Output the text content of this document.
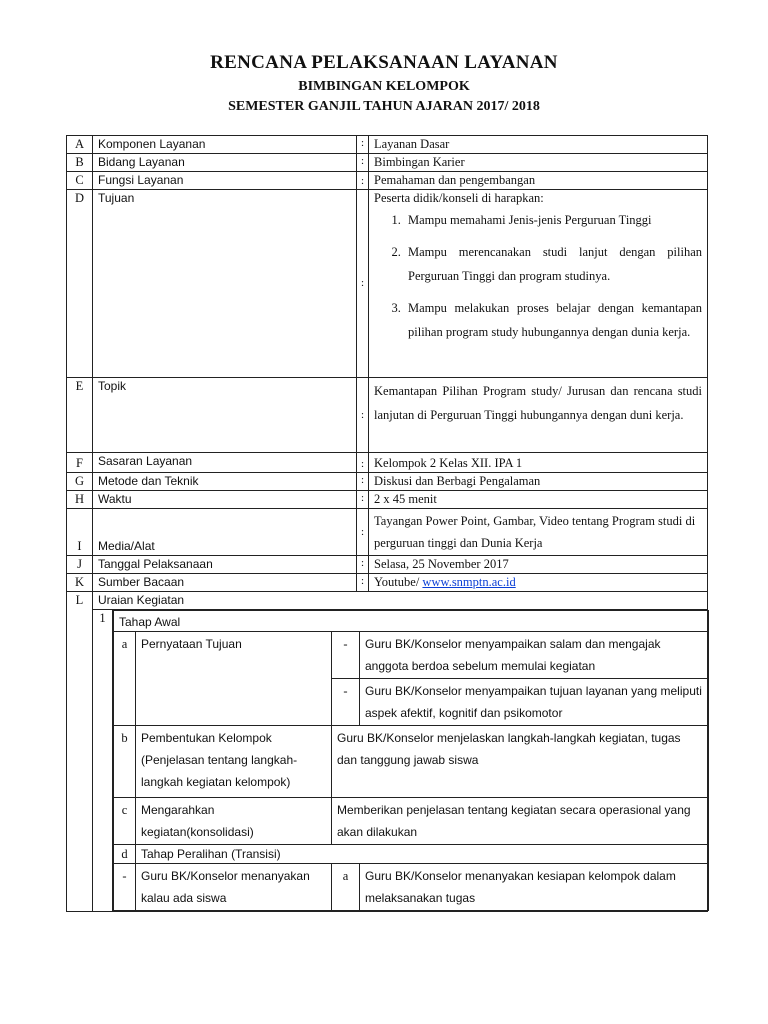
RENCANA PELAKSANAAN LAYANAN
BIMBINGAN KELOMPOK
SEMESTER GANJIL TAHUN AJARAN 2017/ 2018
A	Komponen Layanan	:	Layanan Dasar
B	Bidang Layanan	:	Bimbingan Karier
C	Fungsi Layanan	:	Pemahaman dan pengembangan
D	Tujuan	:	
Peserta didik/konseli di harapkan:
1. Mampu memahami Jenis-jenis Perguruan Tinggi
2. Mampu merencanakan studi lanjut dengan pilihan Perguruan Tinggi dan program studinya.
3. Mampu melakukan proses belajar dengan kemantapan pilihan program study hubungannya dengan dunia kerja.

E	Topik	:	Kemantapan Pilihan Program study/ Jurusan dan rencana studi lanjutan di Perguruan Tinggi hubungannya dengan duni kerja.
F	Sasaran Layanan	:	Kelompok 2 Kelas XII. IPA 1
G	Metode dan Teknik	:	Diskusi dan Berbagi Pengalaman
H	Waktu	:	2 x 45 menit
I	Media/Alat	:	Tayangan Power Point, Gambar, Video tentang Program studi di perguruan tinggi dan Dunia Kerja
J	Tanggal Pelaksanaan	:	Selasa, 25 November 2017
K	Sumber Bacaan	:	Youtube/ www.snmptn.ac.id
L	Uraian Kegiatan
1	Tahap Awal
a	Pernyataan Tujuan	-	Guru BK/Konselor menyampaikan salam dan mengajak anggota berdoa sebelum memulai kegiatan
-	Guru BK/Konselor menyampaikan tujuan layanan yang meliputi aspek afektif, kognitif dan psikomotor
b	Pembentukan Kelompok (Penjelasan tentang langkah-langkah kegiatan kelompok)	Guru BK/Konselor menjelaskan langkah-langkah kegiatan, tugas dan tanggung jawab siswa
c	Mengarahkan kegiatan(konsolidasi)	Memberikan penjelasan tentang kegiatan secara operasional yang akan dilakukan
d	Tahap Peralihan (Transisi)
-	Guru BK/Konselor menanyakan kalau ada siswa	a	Guru BK/Konselor menanyakan kesiapan kelompok dalam melaksanakan tugas
